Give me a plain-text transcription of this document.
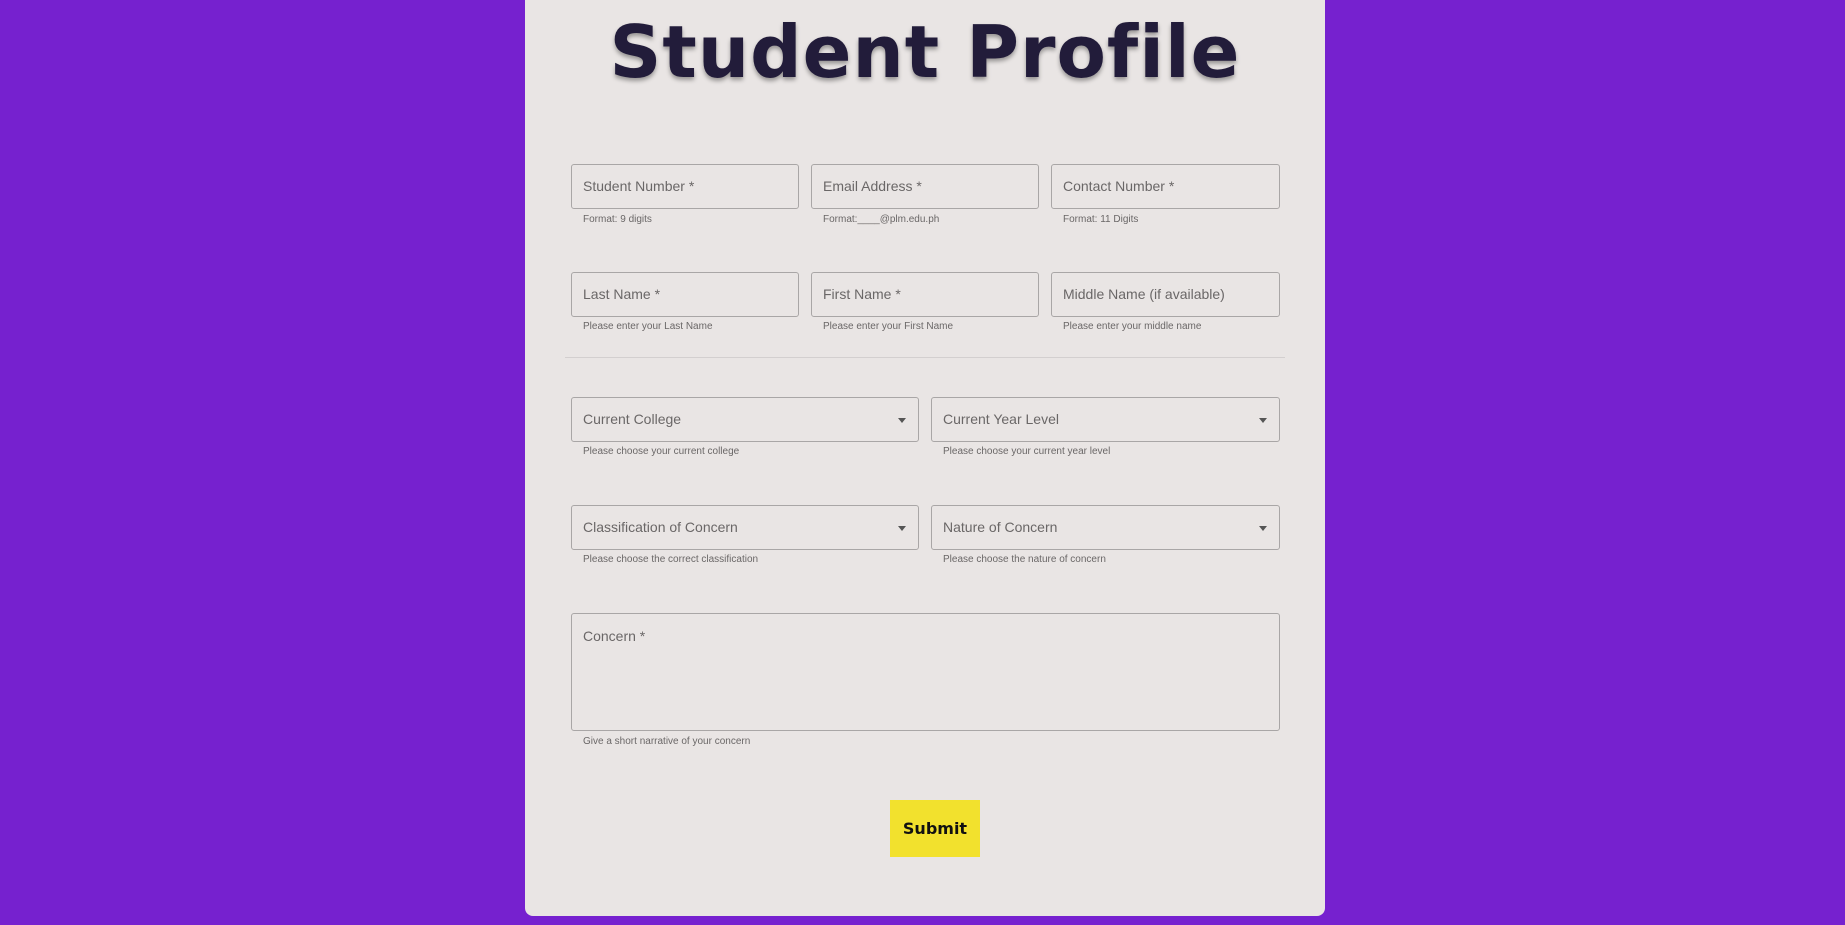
Student Profile
Student Number *
Format: 9 digits
Email Address *
Format:____@plm.edu.ph
Contact Number *
Format: 11 Digits
Last Name *
Please enter your Last Name
First Name *
Please enter your First Name
Middle Name (if available)
Please enter your middle name
Current College
Please choose your current college
Current Year Level
Please choose your current year level
Classification of Concern
Please choose the correct classification
Nature of Concern
Please choose the nature of concern
Concern *
Give a short narrative of your concern
Submit
